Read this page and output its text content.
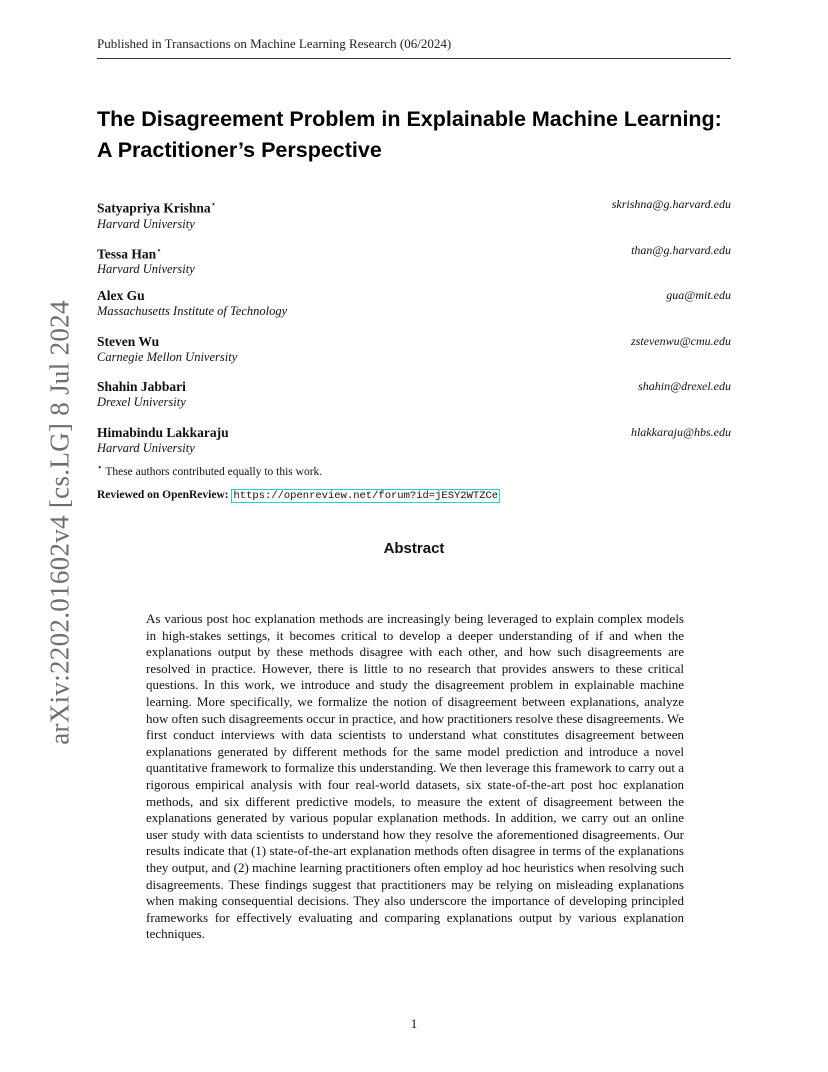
Published in Transactions on Machine Learning Research (06/2024)
arXiv:2202.01602v4 [cs.LG] 8 Jul 2024
The Disagreement Problem in Explainable Machine Learning:
A Practitioner’s Perspective
Satyapriya Krishna⋆
Harvard University
skrishna@g.harvard.edu
Tessa Han⋆
Harvard University
than@g.harvard.edu
Alex Gu
Massachusetts Institute of Technology
gua@mit.edu
Steven Wu
Carnegie Mellon University
zstevenwu@cmu.edu
Shahin Jabbari
Drexel University
shahin@drexel.edu
Himabindu Lakkaraju
Harvard University
hlakkaraju@hbs.edu
⋆ These authors contributed equally to this work.
Reviewed on OpenReview: https://openreview.net/forum?id=jESY2WTZCe
Abstract
As various post hoc explanation methods are increasingly being leveraged to explain complex models in high-stakes settings, it becomes critical to develop a deeper understanding of if and when the explanations output by these methods disagree with each other, and how such disagreements are resolved in practice. However, there is little to no research that provides answers to these critical questions. In this work, we introduce and study the disagreement problem in explainable machine learning. More specifically, we formalize the notion of disagreement between explanations, analyze how often such disagreements occur in practice, and how practitioners resolve these disagreements. We first conduct interviews with data scientists to understand what constitutes disagreement between explanations generated by different methods for the same model prediction and introduce a novel quantitative framework to formalize this understanding. We then leverage this framework to carry out a rigorous empirical analysis with four real-world datasets, six state-of-the-art post hoc explanation methods, and six different predictive models, to measure the extent of disagreement between the explanations generated by various popular explanation methods. In addition, we carry out an online user study with data scientists to understand how they resolve the aforementioned disagreements. Our results indicate that (1) state-of-the-art explanation methods often disagree in terms of the explanations they output, and (2) machine learning practitioners often employ ad hoc heuristics when resolving such disagreements. These findings suggest that practitioners may be relying on misleading explanations when making consequential decisions. They also underscore the importance of developing principled frameworks for effectively evaluating and comparing explanations output by various explanation techniques.
1
